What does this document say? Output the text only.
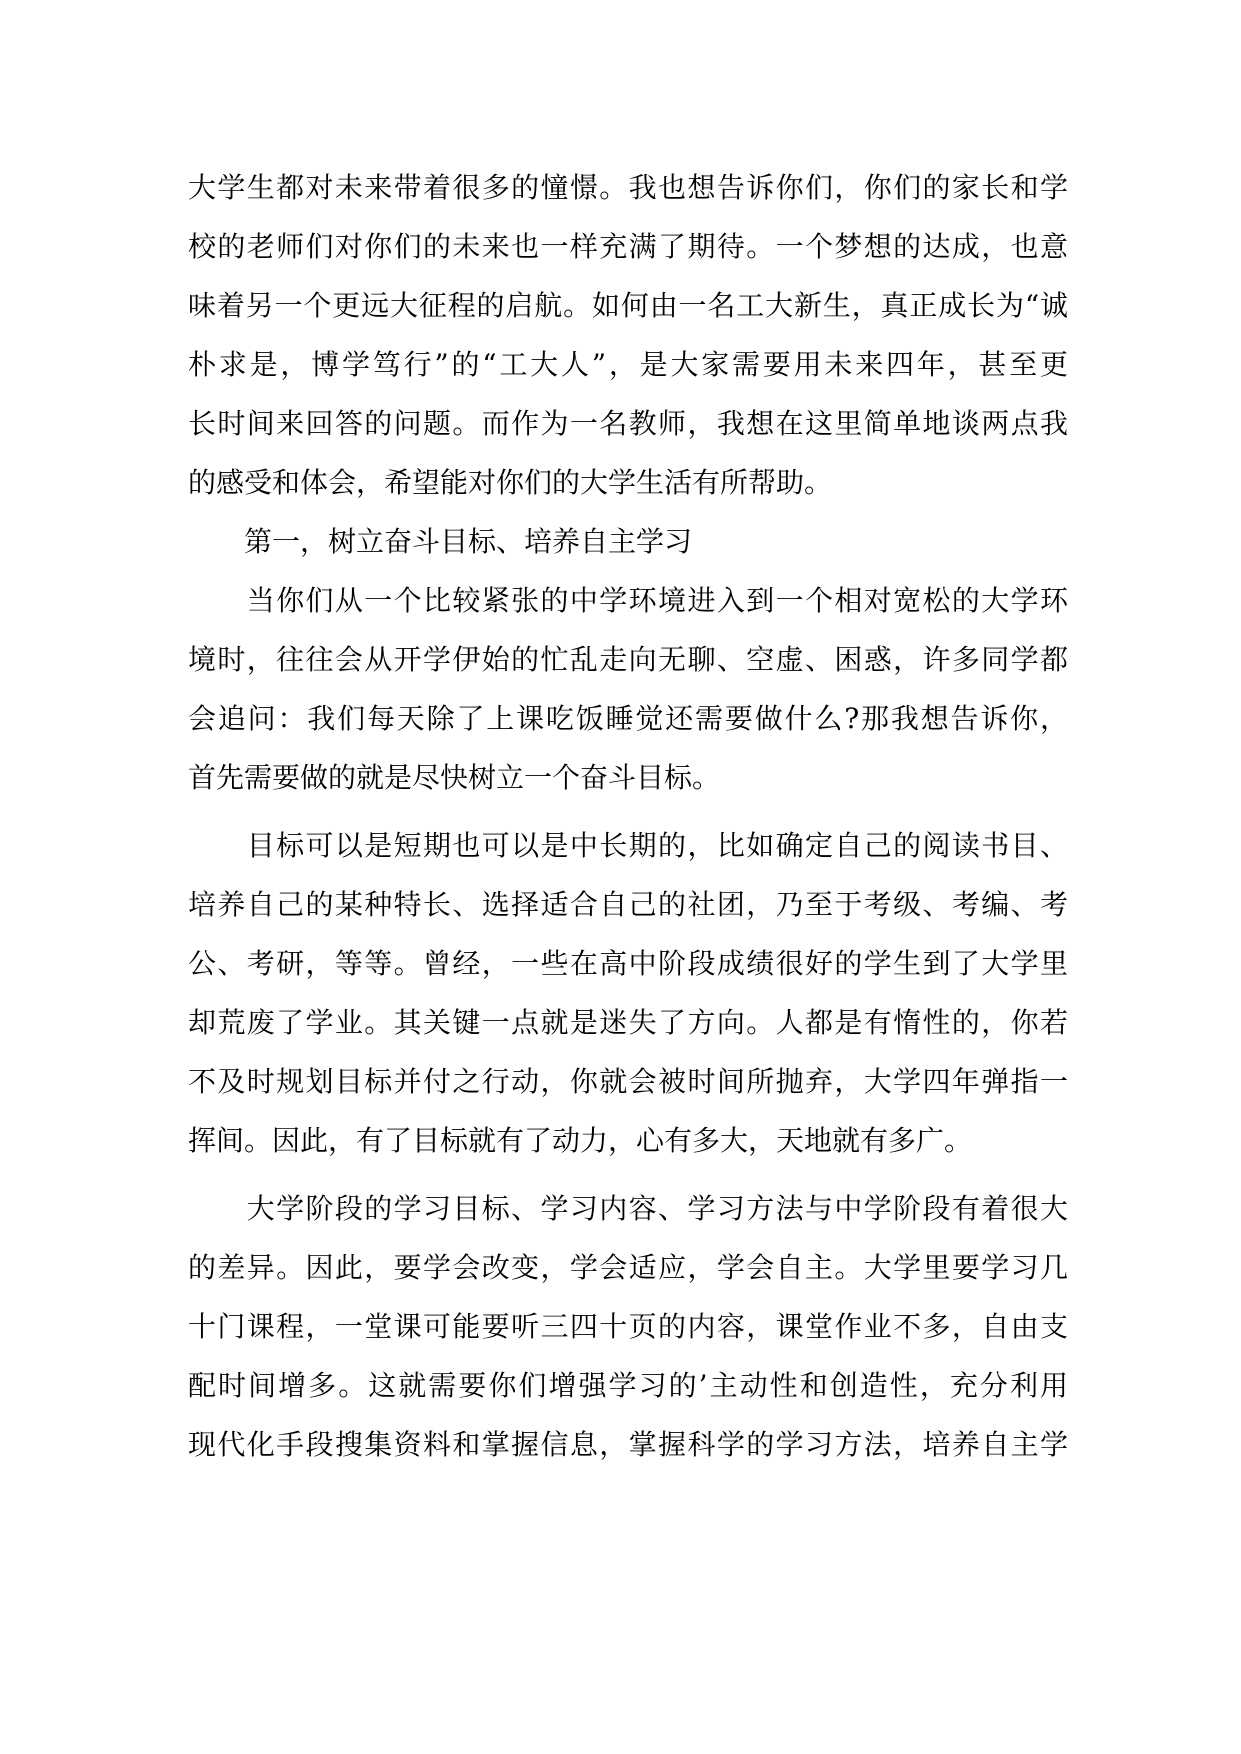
大学生都对未来带着很多的憧憬。我也想告诉你们，你们的家长和学
校的老师们对你们的未来也一样充满了期待。一个梦想的达成，也意
味着另一个更远大征程的启航。如何由一名工大新生，真正成长为“诚
朴求是，博学笃行”的“工大人”，是大家需要用未来四年，甚至更
长时间来回答的问题。而作为一名教师，我想在这里简单地谈两点我
的感受和体会，希望能对你们的大学生活有所帮助。
　　第一，树立奋斗目标、培养自主学习
　　当你们从一个比较紧张的中学环境进入到一个相对宽松的大学环
境时，往往会从开学伊始的忙乱走向无聊、空虚、困惑，许多同学都
会追问：我们每天除了上课吃饭睡觉还需要做什么?那我想告诉你，
首先需要做的就是尽快树立一个奋斗目标。
　　目标可以是短期也可以是中长期的，比如确定自己的阅读书目、
培养自己的某种特长、选择适合自己的社团，乃至于考级、考编、考
公、考研，等等。曾经，一些在高中阶段成绩很好的学生到了大学里
却荒废了学业。其关键一点就是迷失了方向。人都是有惰性的，你若
不及时规划目标并付之行动，你就会被时间所抛弃，大学四年弹指一
挥间。因此，有了目标就有了动力，心有多大，天地就有多广。
　　大学阶段的学习目标、学习内容、学习方法与中学阶段有着很大
的差异。因此，要学会改变，学会适应，学会自主。大学里要学习几
十门课程，一堂课可能要听三四十页的内容，课堂作业不多，自由支
配时间增多。这就需要你们增强学习的’主动性和创造性，充分利用
现代化手段搜集资料和掌握信息，掌握科学的学习方法，培养自主学
